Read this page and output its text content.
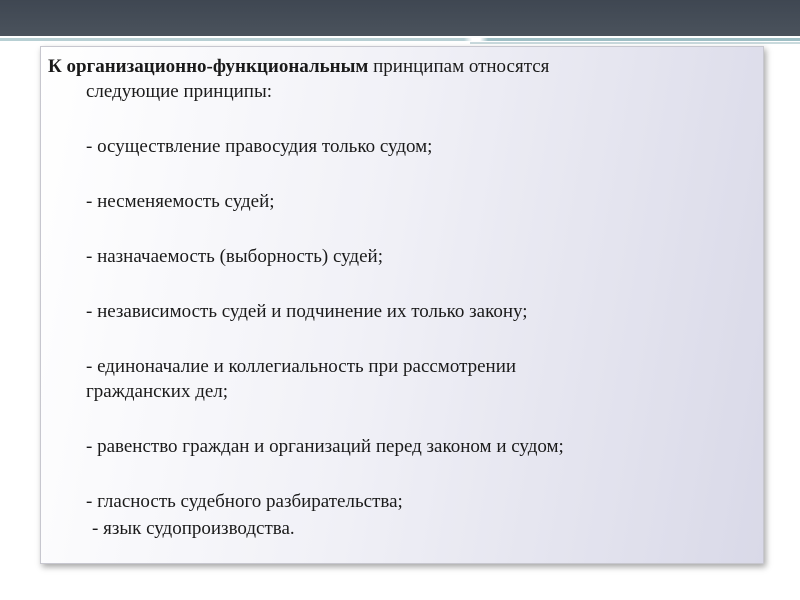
К организационно-функциональным принципам относятся
следующие принципы:

- осуществление правосудия только судом;

- несменяемость судей;

- назначаемость (выборность) судей;

- независимость судей и подчинение их только закону;

- единоначалие и коллегиальность при рассмотрении

гражданских дел;

- равенство граждан и организаций перед законом и судом;

- гласность судебного разбирательства;

- язык судопроизводства.
